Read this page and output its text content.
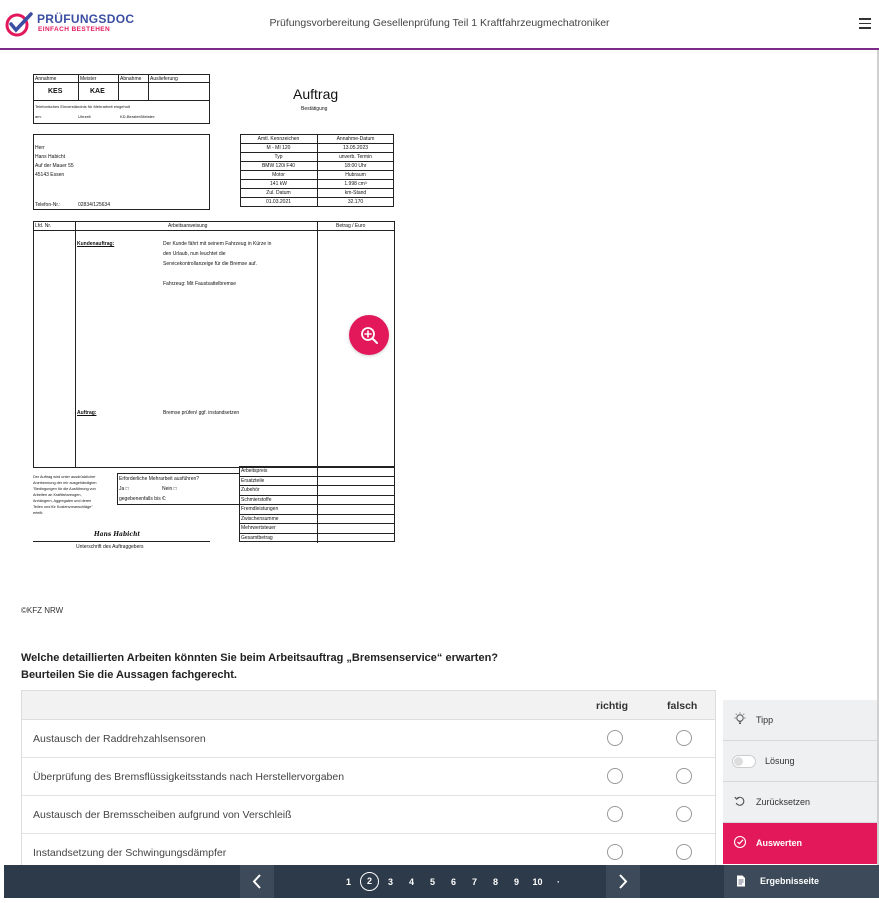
PRÜFUNGSDOC
EINFACH BESTEHEN
Prüfungsvorbereitung Gesellenprüfung Teil 1 Kraftfahrzeugmechatroniker
Annahme	Meister	Abnahme Auslieferung
KES	KAE
Telefonisches Einverständnis für Mehrarbeit eingeholt
am:	Uhrzeit	KD-Berater/Meister:
Auftrag
Bestätigung
Herr
Hans Habicht
Auf der Mauer 55
45143 Essen
Telefon-Nr.:	02834/125634
Amtl. Kennzeichen	Annahme-Datum
M - MI 120	13.05.2023
Typ	unverb. Termin
BMW 120i F40	18:00 Uhr
Motor	Hubraum
141 kW	1.998 cm³
Zul. Datum	km-Stand
01.03.2021	32.170
Lfd. Nr.	Arbeitsanweisung	Betrag / Euro
Kundenauftrag:	Der Kunde fährt mit seinem Fahrzeug in Kürze in
den Urlaub, nun leuchtet die
Servicekontrollanzeige für die Bremse auf.
Fahrzeug: Mit Faustsattelbremse
Auftrag:	Bremse prüfen/ ggf. instandsetzen
Der Auftrag wird unter ausdrücklicher
Anerkennung der mir ausgehändigten
"Bedingungen für die Ausführung von
Arbeiten an Kraftfahrzeugen,
Anhängern, Aggregaten und deren
Teilen und für Kostenvoranschläge"
erteilt.
Erforderliche Mehrarbeit ausführen?
Ja □	Nein □
gegebenenfalls bis €:
Arbeitspreis
Ersatzteile
Zubehör
Schmierstoffe
Fremdleistungen
Zwischensumme
Mehrwertsteuer
Gesamtbetrag
Hans Habicht
Unterschrift des Auftraggebers
©KFZ NRW
Welche detaillierten Arbeiten könnten Sie beim Arbeitsauftrag „Bremsenservice“ erwarten?
Beurteilen Sie die Aussagen fachgerecht.
richtig	falsch
Austausch der Raddrehzahlsensoren
Überprüfung des Bremsflüssigkeitsstands nach Herstellervorgaben
Austausch der Bremsscheiben aufgrund von Verschleiß
Instandsetzung der Schwingungsdämpfer
Tipp
Lösung
Zurücksetzen
Auswerten
1	2	3	4	5	6	7	8	9	10	·	Ergebnisseite
